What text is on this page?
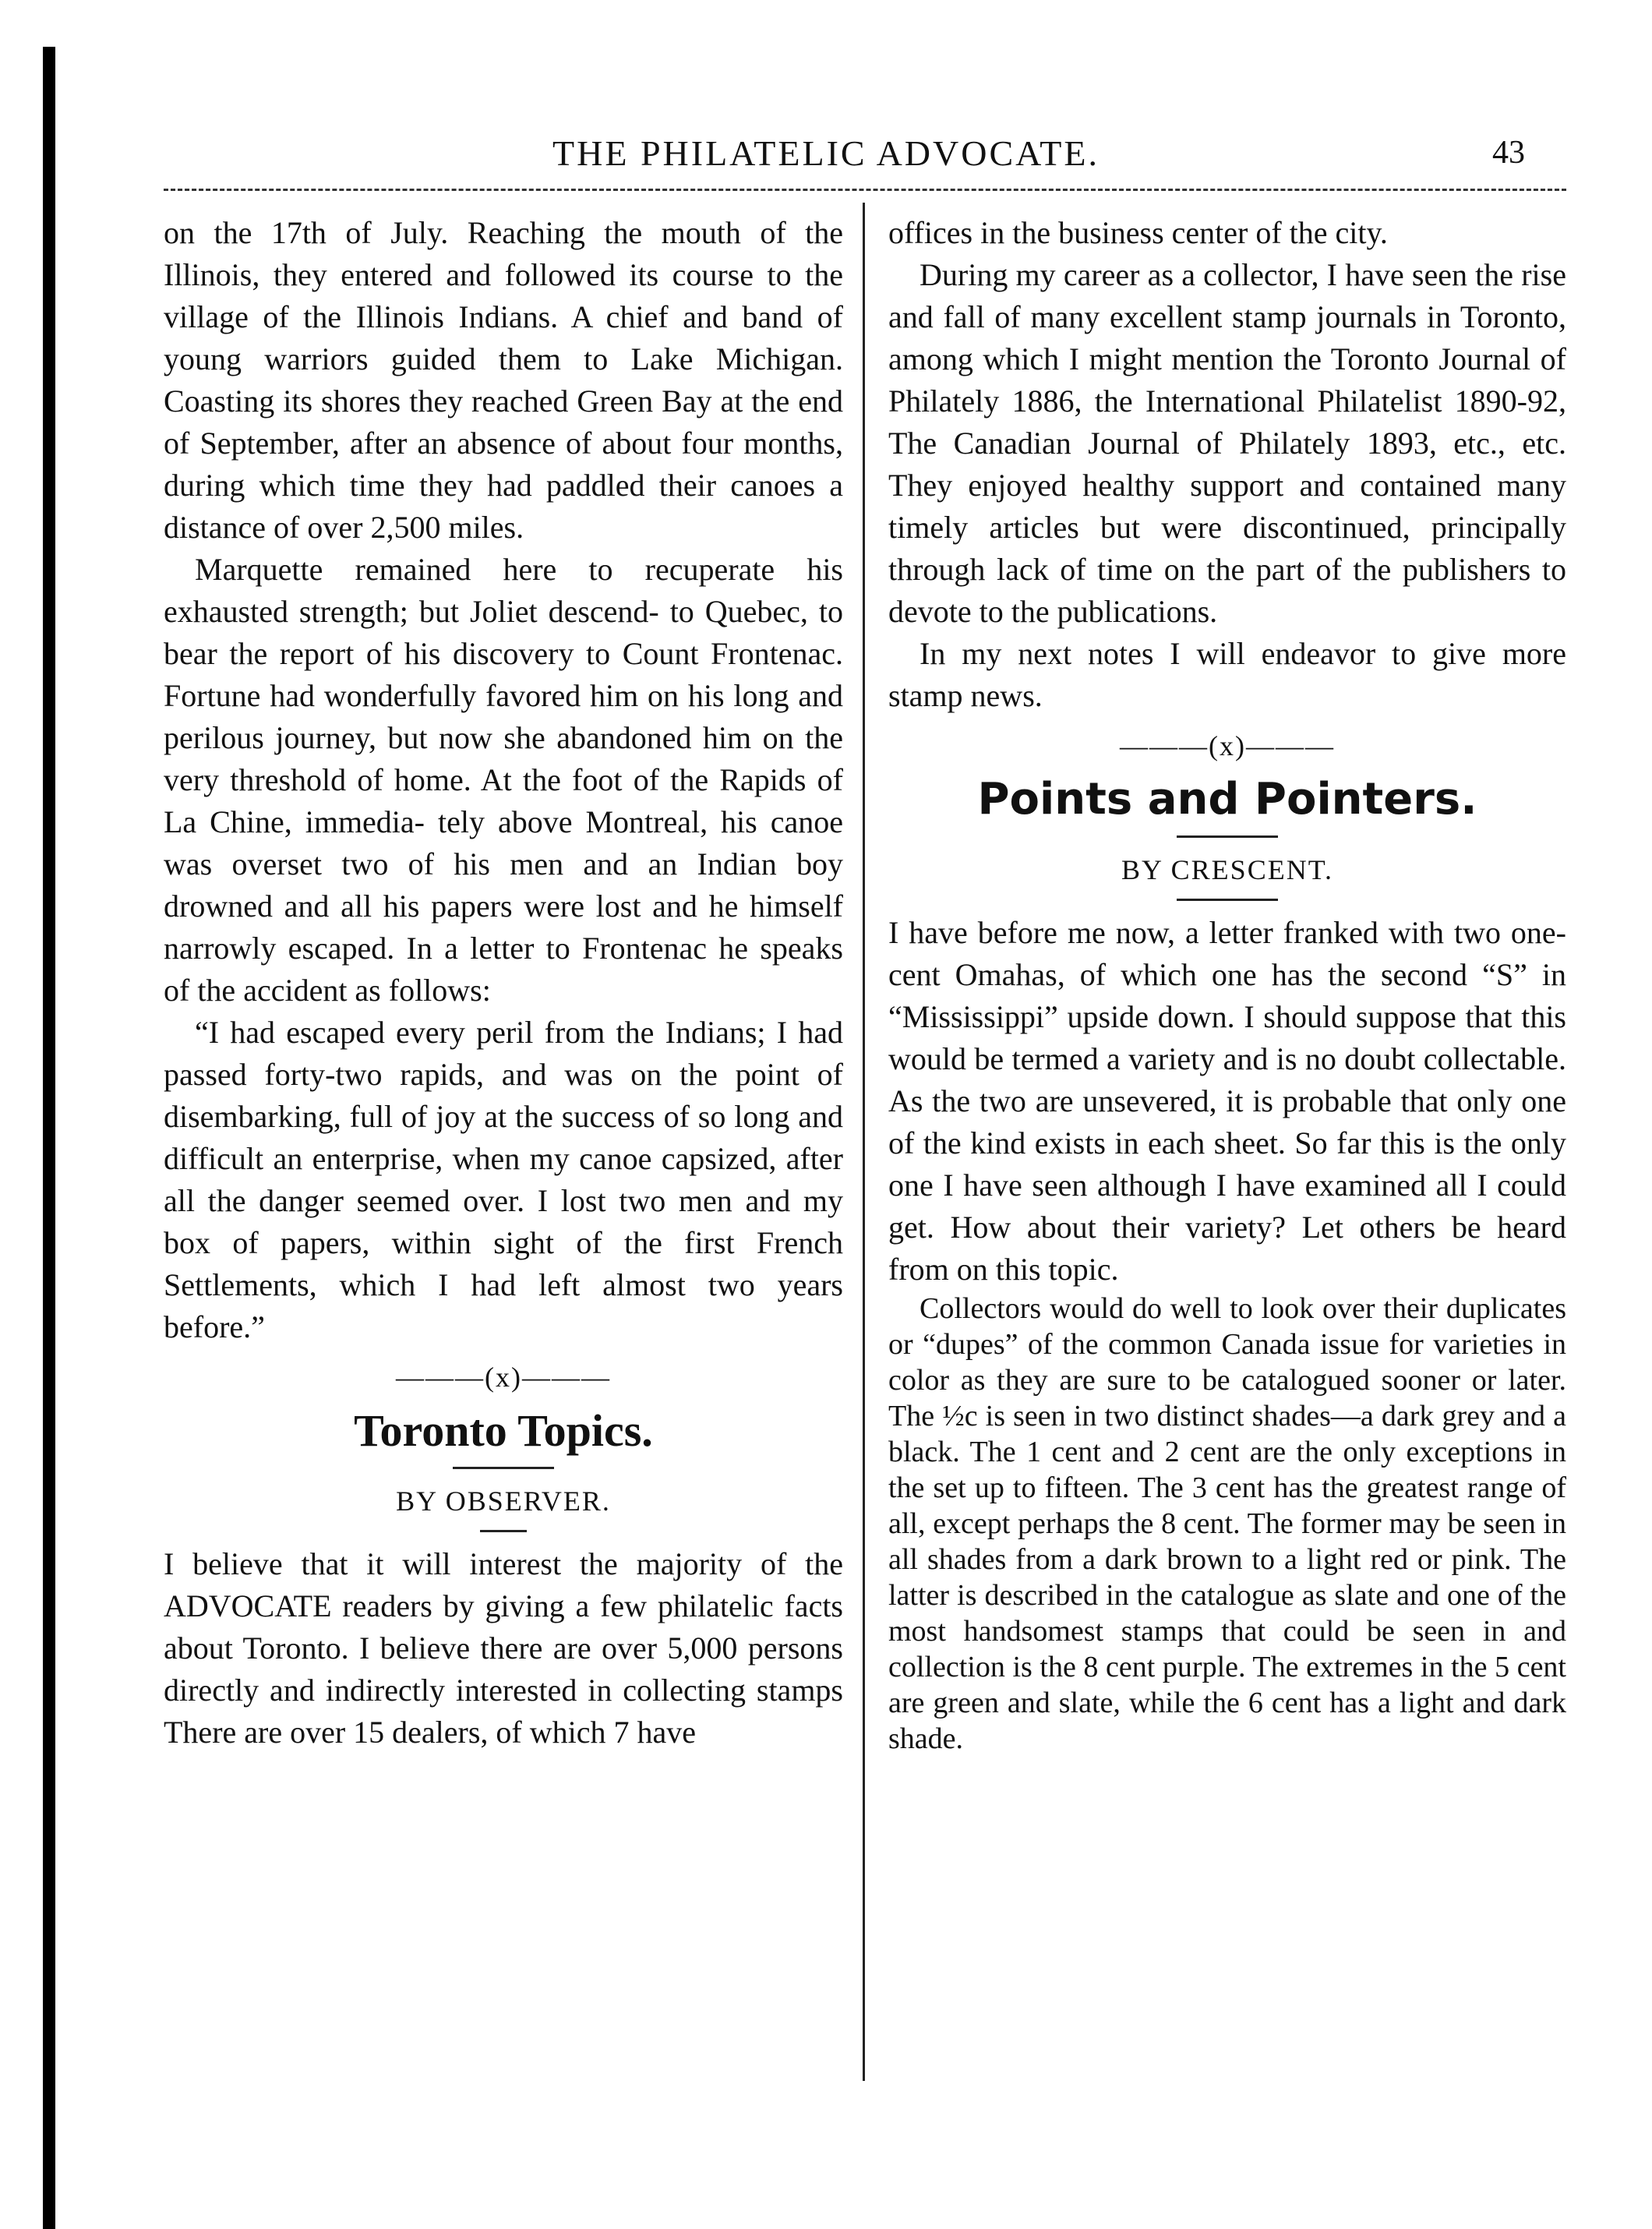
THE PHILATELIC ADVOCATE.	43

on the 17th of July. Reaching the mouth of the Illinois, they entered and followed its course to the village of the Illinois Indians. A chief and band of young warriors guided them to Lake Michigan. Coasting its shores they reached Green Bay at the end of September, after an absence of about four months, during which time they had paddled their canoes a distance of over 2,500 miles.

Marquette remained here to recuperate his exhausted strength; but Joliet descend- to Quebec, to bear the report of his discovery to Count Frontenac. Fortune had wonderfully favored him on his long and perilous journey, but now she abandoned him on the very threshold of home. At the foot of the Rapids of La Chine, immedia- tely above Montreal, his canoe was overset two of his men and an Indian boy drowned and all his papers were lost and he himself narrowly escaped. In a letter to Frontenac he speaks of the accident as follows:

“I had escaped every peril from the Indians; I had passed forty-two rapids, and was on the point of disembarking, full of joy at the success of so long and difficult an enterprise, when my canoe capsized, after all the danger seemed over. I lost two men and my box of papers, within sight of the first French Settlements, which I had left almost two years before.”

———(x)———
Toronto Topics.
BY OBSERVER.

I believe that it will interest the majority of the ADVOCATE readers by giving a few philatelic facts about Toronto. I believe there are over 5,000 persons directly and indirectly interested in collecting stamps There are over 15 dealers, of which 7 have

offices in the business center of the city.

During my career as a collector, I have seen the rise and fall of many excellent stamp journals in Toronto, among which I might mention the Toronto Journal of Philately 1886, the International Philatelist 1890-92, The Canadian Journal of Philately 1893, etc., etc. They enjoyed healthy support and contained many timely articles but were discontinued, principally through lack of time on the part of the publishers to devote to the publications.

In my next notes I will endeavor to give more stamp news.

———(x)———
Points and Pointers.
BY CRESCENT.

I have before me now, a letter franked with two one-cent Omahas, of which one has the second “S” in “Mississippi” upside down. I should suppose that this would be termed a variety and is no doubt collectable. As the two are unsevered, it is probable that only one of the kind exists in each sheet. So far this is the only one I have seen although I have examined all I could get. How about their variety? Let others be heard from on this topic.

Collectors would do well to look over their duplicates or “dupes” of the common Canada issue for varieties in color as they are sure to be catalogued sooner or later. The ½c is seen in two distinct shades—a dark grey and a black. The 1 cent and 2 cent are the only exceptions in the set up to fifteen. The 3 cent has the greatest range of all, except perhaps the 8 cent. The former may be seen in all shades from a dark brown to a light red or pink. The latter is described in the catalogue as slate and one of the most handsomest stamps that could be seen in and collection is the 8 cent purple. The extremes in the 5 cent are green and slate, while the 6 cent has a light and dark shade.
